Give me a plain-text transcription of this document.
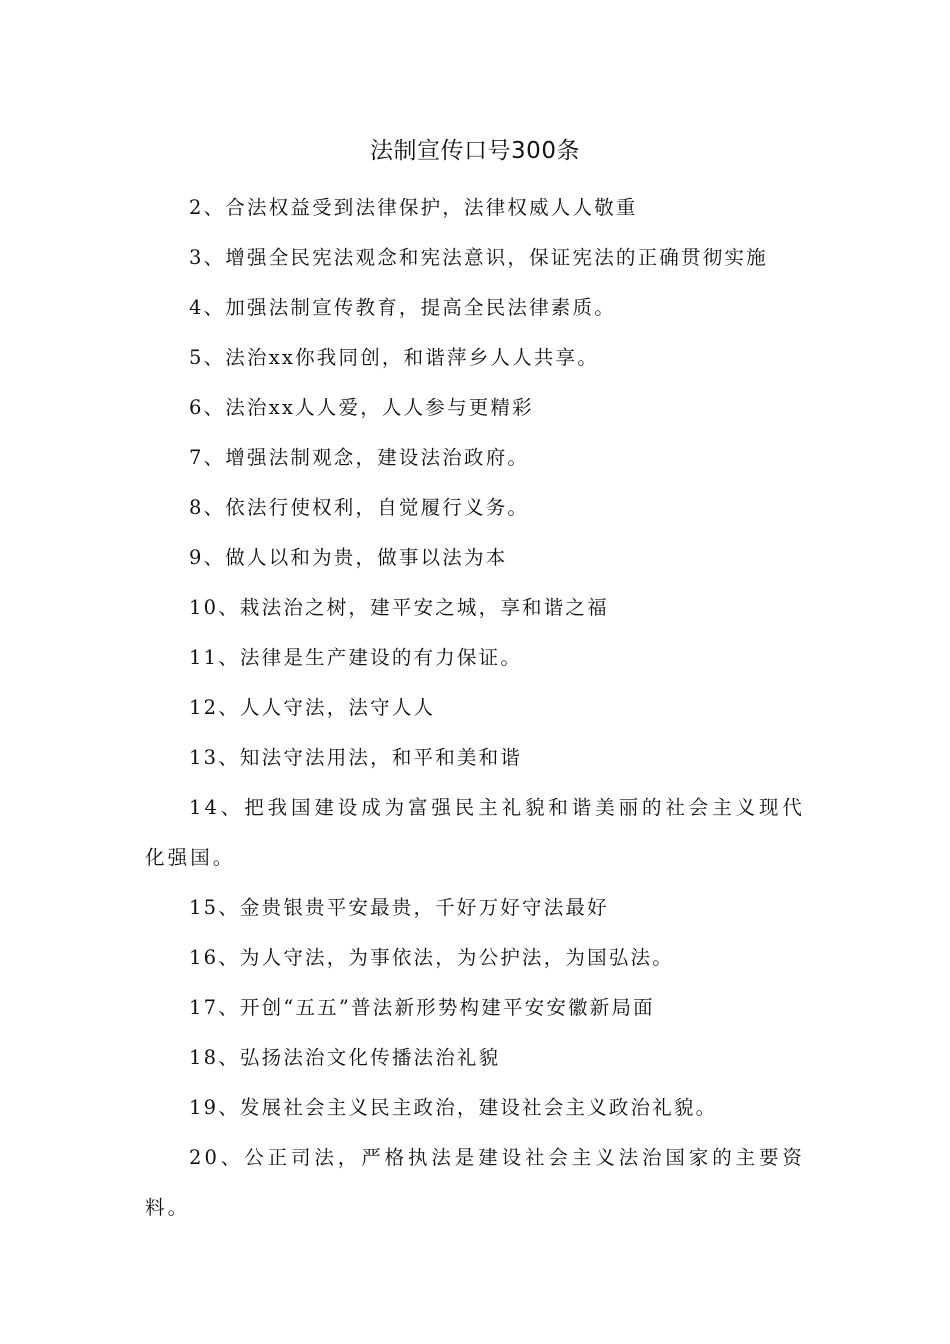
法制宣传口号300条

2、合法权益受到法律保护，法律权威人人敬重

3、增强全民宪法观念和宪法意识，保证宪法的正确贯彻实施

4、加强法制宣传教育，提高全民法律素质。

5、法治xx你我同创，和谐萍乡人人共享。

6、法治xx人人爱，人人参与更精彩

7、增强法制观念，建设法治政府。

8、依法行使权利，自觉履行义务。

9、做人以和为贵，做事以法为本

10、栽法治之树，建平安之城，享和谐之福

11、法律是生产建设的有力保证。

12、人人守法，法守人人

13、知法守法用法，和平和美和谐

14、把我国建设成为富强民主礼貌和谐美丽的社会主义现代化强国。

15、金贵银贵平安最贵，千好万好守法最好

16、为人守法，为事依法，为公护法，为国弘法。

17、开创“五五”普法新形势构建平安安徽新局面

18、弘扬法治文化传播法治礼貌

19、发展社会主义民主政治，建设社会主义政治礼貌。

20、公正司法，严格执法是建设社会主义法治国家的主要资料。
